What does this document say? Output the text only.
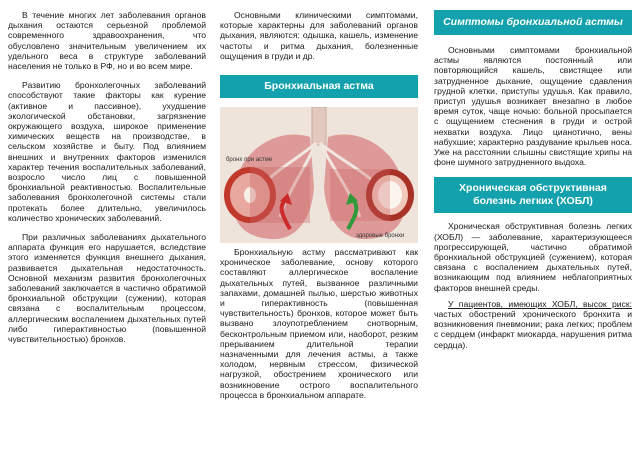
В течение многих лет заболевания органов дыхания остаются серьезной проблемой современного здравоохранения, что обусловлено значительным увеличением их удельного веса в структуре заболеваний населения не только в РФ, но и во всем мире.

Развитию бронхолегочных заболеваний способствуют такие факторы как курение (активное и пассивное), ухудшение экологической обстановки, загрязнение окружающего воздуха, широкое применение химических веществ на производстве, в сельском хозяйстве и быту. Под влиянием внешних и внутренних факторов изменился характер течения воспалительных заболеваний, возросло число лиц с повышенной бронхиальной реактивностью. Воспалительные заболевания бронхолегочной системы стали протекать более длительно, увеличилось количество хронических заболеваний.

При различных заболеваниях дыхательного аппарата функция его нарушается, вследствие этого изменяется функция внешнего дыхания, развивается дыхательная недостаточность. Основной механизм развития бронхолегочных заболеваний заключается в частично обратимой бронхиальной обструкции (сужении), которая связана с воспалительным процессом, аллергическим воспалением дыхательных путей либо гиперактивностью (повышенной чувствительностью) бронхов.

Основными клиническими симптомами, которые характерны для заболеваний органов дыхания, являются: одышка, кашель, изменение частоты и ритма дыхания, болезненные ощущения в груди и др.

Бронхиальная астма
бронх при астме
здоровые бронхи

Бронхиальную астму рассматривают как хроническое заболевание, основу которого составляют аллергическое воспаление дыхательных путей, вызванное различными запахами, домашней пылью, шерстью животных и гиперактивность (повышенная чувствительность) бронхов, которое может быть вызвано злоупотреблением снотворным, бесконтрольным приемом или, наоборот, резким прерыванием длительной терапии назначенными для лечения астмы, а также холодом, нервным стрессом, физической нагрузкой, обострением хронического или возникновение острого воспалительного процесса в бронхиальном аппарате.

Симптомы бронхиальной астмы

Основными симптомами бронхиальной астмы являются постоянный или повторяющийся кашель, свистящее или затрудненное дыхание, ощущение сдавления грудной клетки, приступы удушья. Как правило, приступ удушья возникает внезапно в любое время суток, чаще ночью: больной просыпается с ощущением стеснения в груди и острой нехватки воздуха. Лицо цианотично, вены набухшие; характерно раздувание крыльев носа. Уже на расстоянии слышны свистящие хрипы на фоне шумного затрудненного выдоха.

Хроническая обструктивная
болезнь легких (ХОБЛ)

Хроническая обструктивная болезнь легких (ХОБЛ) — заболевание, характеризующееся прогрессирующей, частично обратимой бронхиальной обструкцией (сужением), которая связана с воспалением дыхательных путей, возникающим под влиянием неблагоприятных факторов внешней среды.

У пациентов, имеющих ХОБЛ, высок риск: частых обострений хронического бронхита и возникновения пневмонии; рака легких; проблем с сердцем (инфаркт миокарда, нарушения ритма сердца).
